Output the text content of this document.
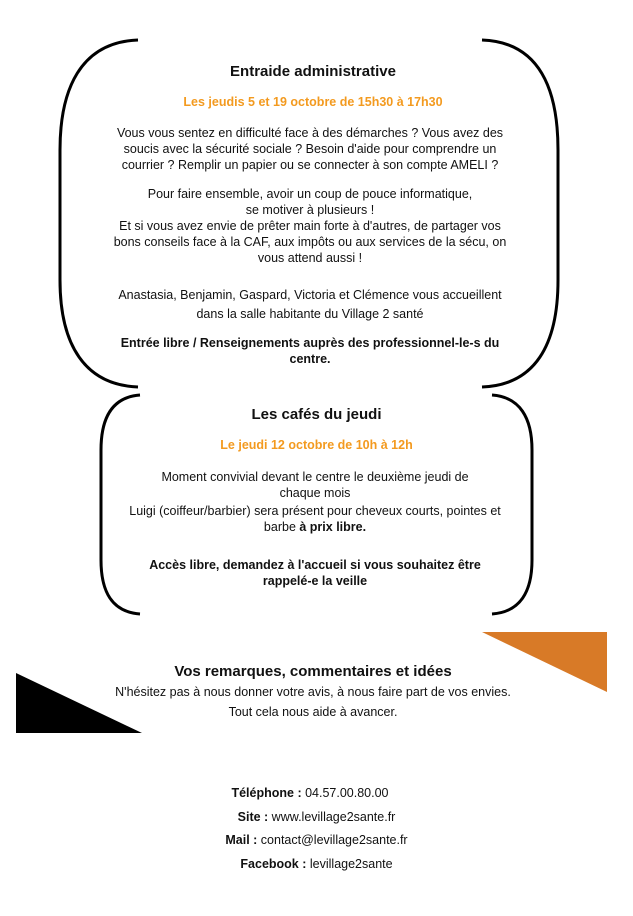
Entraide administrative
Les jeudis 5 et 19 octobre de 15h30 à 17h30
Vous vous sentez en difficulté face à des démarches ? Vous avez des
soucis avec la sécurité sociale ? Besoin d'aide pour comprendre un
courrier ? Remplir un papier ou se connecter à son compte AMELI ?
Pour faire ensemble, avoir un coup de pouce informatique,
se motiver à plusieurs !
Et si vous avez envie de prêter main forte à d'autres, de partager vos
bons conseils face à la CAF, aux impôts ou aux services de la sécu, on
vous attend aussi !
Anastasia, Benjamin, Gaspard, Victoria et Clémence vous accueillent
dans la salle habitante du Village 2 santé
Entrée libre / Renseignements auprès des professionnel-le-s du
centre.
Les cafés du jeudi
Le jeudi 12 octobre de 10h à 12h
Moment convivial devant le centre le deuxième jeudi de
chaque mois
Luigi (coiffeur/barbier) sera présent pour cheveux courts, pointes et
barbe à prix libre.
Accès libre, demandez à l'accueil si vous souhaitez être
rappelé-e la veille
Vos remarques, commentaires et idées
N'hésitez pas à nous donner votre avis, à nous faire part de vos envies.
Tout cela nous aide à avancer.
Téléphone : 04.57.00.80.00
Site : www.levillage2sante.fr
Mail : contact@levillage2sante.fr
Facebook : levillage2sante
